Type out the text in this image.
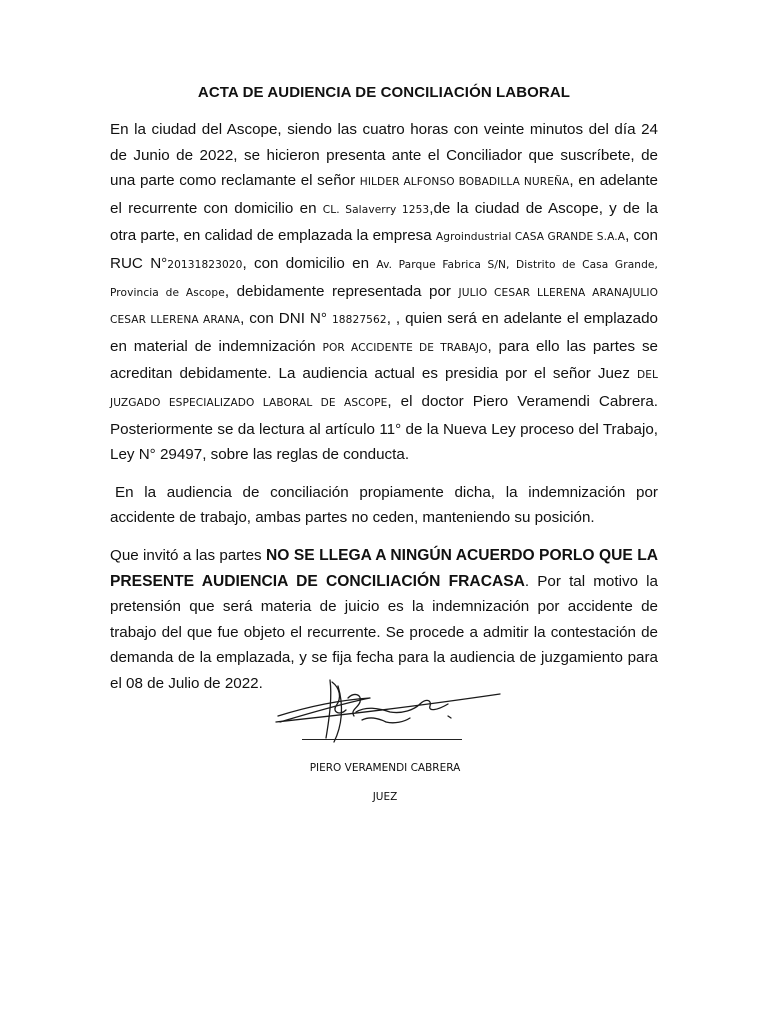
ACTA DE AUDIENCIA DE CONCILIACIÓN LABORAL

En la ciudad del Ascope, siendo las cuatro horas con veinte minutos del día 24 de Junio de 2022, se hicieron presenta ante el Conciliador que suscríbete, de una parte como reclamante el señor HILDER ALFONSO BOBADILLA NUREÑA, en adelante el recurrente con domicilio en CL. Salaverry 1253,de la ciudad de Ascope, y de la otra parte, en calidad de emplazada la empresa Agroindustrial CASA GRANDE S.A.A, con RUC N°20131823020, con domicilio en Av. Parque Fabrica S/N, Distrito de Casa Grande, Provincia de Ascope, debidamente representada por JULIO CESAR LLERENA ARANAJULIO CESAR LLERENA ARANA, con DNI N° 18827562, , quien será en adelante el emplazado en material de indemnización POR ACCIDENTE DE TRABAJO, para ello las partes se acreditan debidamente. La audiencia actual es presidia por el señor Juez DEL JUZGADO ESPECIALIZADO LABORAL DE ASCOPE, el doctor Piero Veramendi Cabrera. Posteriormente se da lectura al artículo 11° de la Nueva Ley proceso del Trabajo, Ley N° 29497, sobre las reglas de conducta.

En la audiencia de conciliación propiamente dicha, la indemnización por accidente de trabajo, ambas partes no ceden, manteniendo su posición.

Que invitó a las partes NO SE LLEGA A NINGÚN ACUERDO PORLO QUE LA PRESENTE AUDIENCIA DE CONCILIACIÓN FRACASA. Por tal motivo la pretensión que será materia de juicio es la indemnización por accidente de trabajo del que fue objeto el recurrente. Se procede a admitir la contestación de demanda de la emplazada, y se fija fecha para la audiencia de juzgamiento para el 08 de Julio de 2022.

PIERO VERAMENDI CABRERA
JUEZ
